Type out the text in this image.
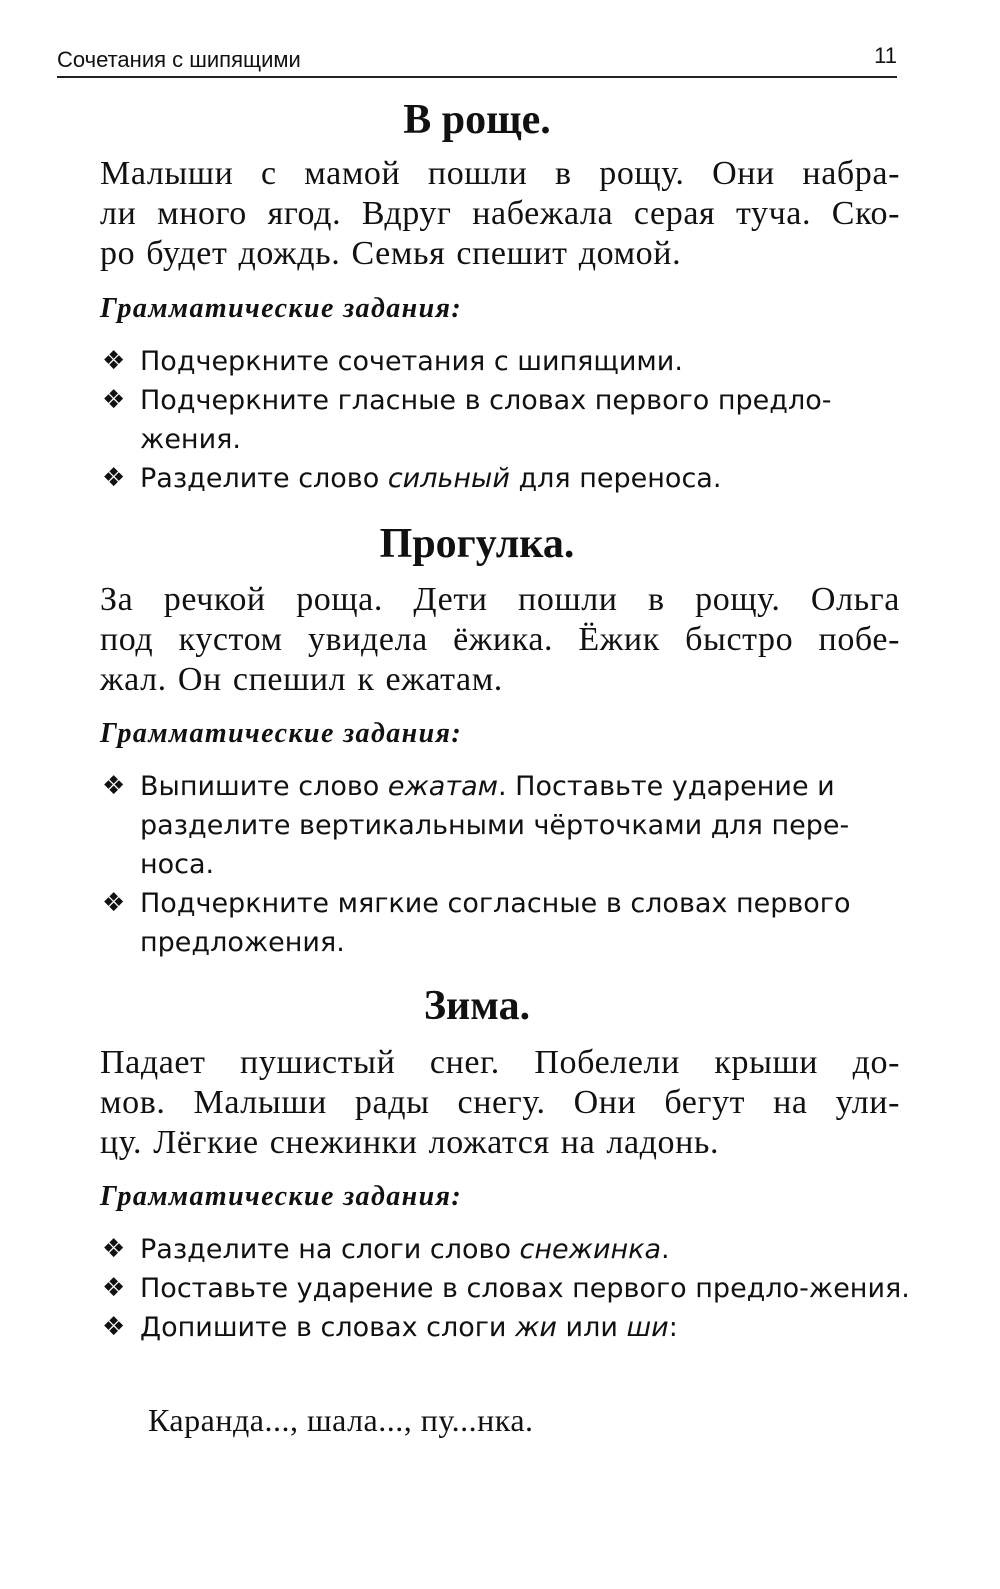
Сочетания с шипящими	11
В роще.

Малыши с мамой пошли в рощу. Они набра-
ли много ягод. Вдруг набежала серая туча. Ско-
ро будет дождь. Семья спешит домой.

Грамматические задания:

❖ Подчеркните сочетания с шипящими.
❖ Подчеркните гласные в словах первого предло-жения.
❖ Разделите слово сильный для переноса.
Прогулка.

За речкой роща. Дети пошли в рощу. Ольга
под кустом увидела ёжика. Ёжик быстро побе-
жал. Он спешил к ежатам.

Грамматические задания:

❖ Выпишите слово ежатам. Поставьте ударение и разделите вертикальными чёрточками для пере-носа.
❖ Подчеркните мягкие согласные в словах первого предложения.
Зима.

Падает пушистый снег. Побелели крыши до-
мов. Малыши рады снегу. Они бегут на ули-
цу. Лёгкие снежинки ложатся на ладонь.

Грамматические задания:

❖ Разделите на слоги слово снежинка.
❖ Поставьте ударение в словах первого предло-жения.
❖ Допишите в словах слоги жи или ши:

Каранда..., шала..., пу...нка.
